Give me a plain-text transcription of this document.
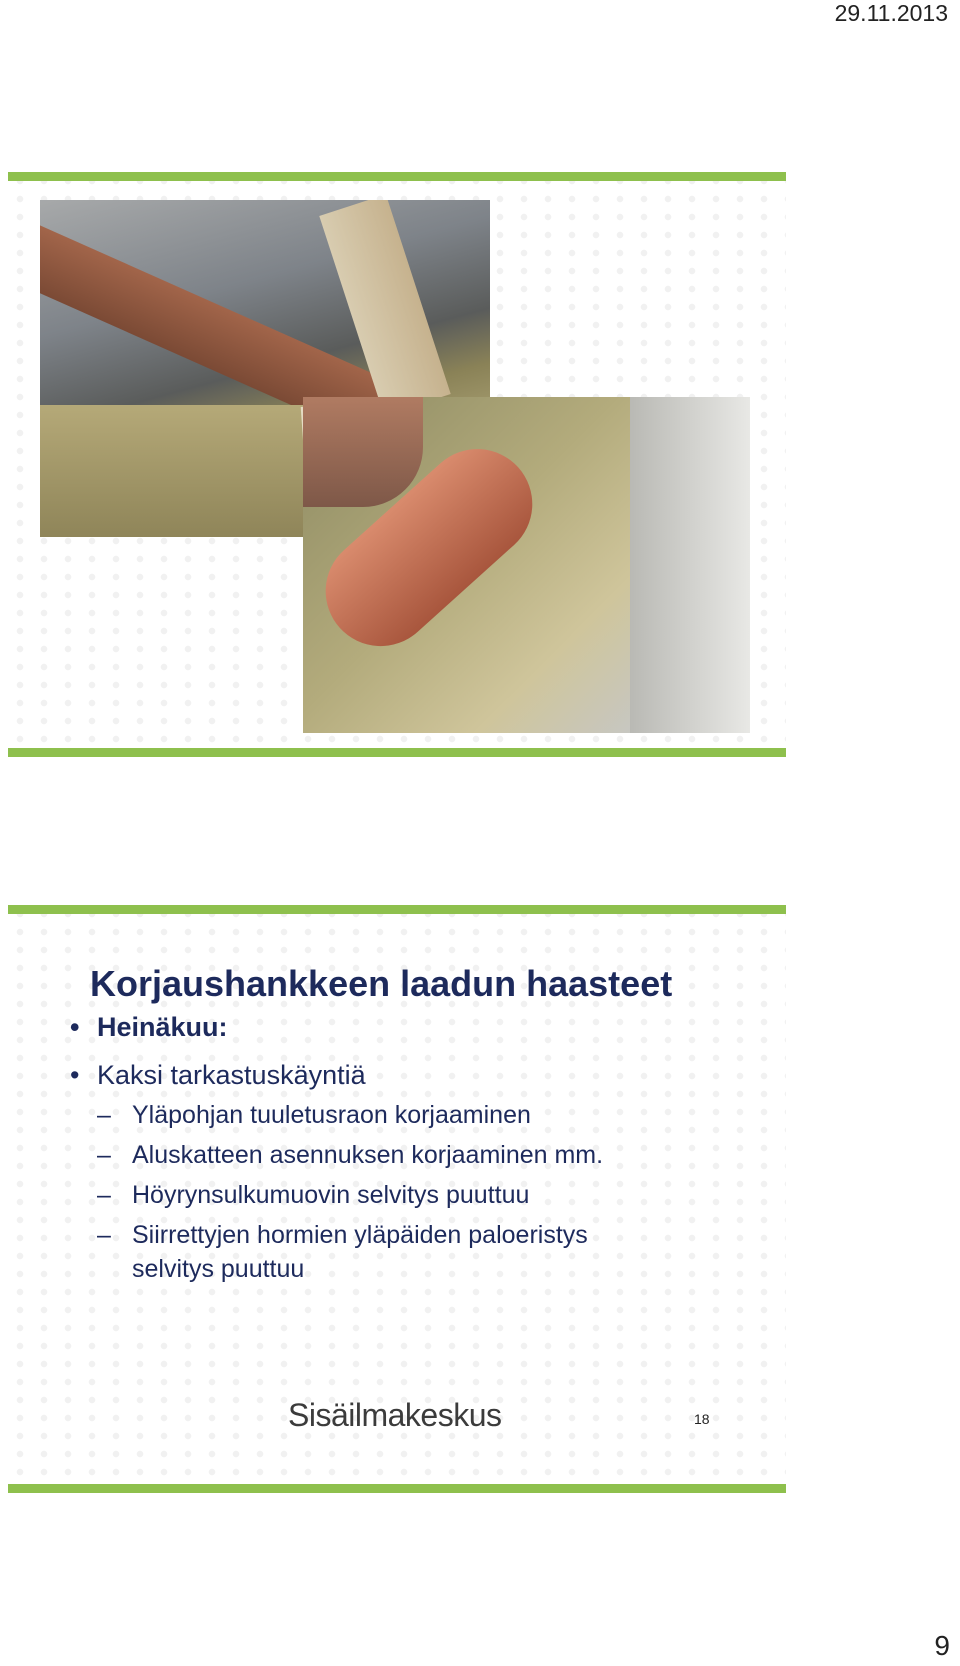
29.11.2013
Korjaushankkeen laadun haasteet
• Heinäkuu:
• Kaksi tarkastuskäyntiä
– Yläpohjan tuuletusraon korjaaminen
– Aluskatteen asennuksen korjaaminen mm.
– Höyrynsulkumuovin selvitys puuttuu
– Siirrettyjen hormien yläpäiden paloeristys
selvitys puuttuu
Sisäilmakeskus	18
9
